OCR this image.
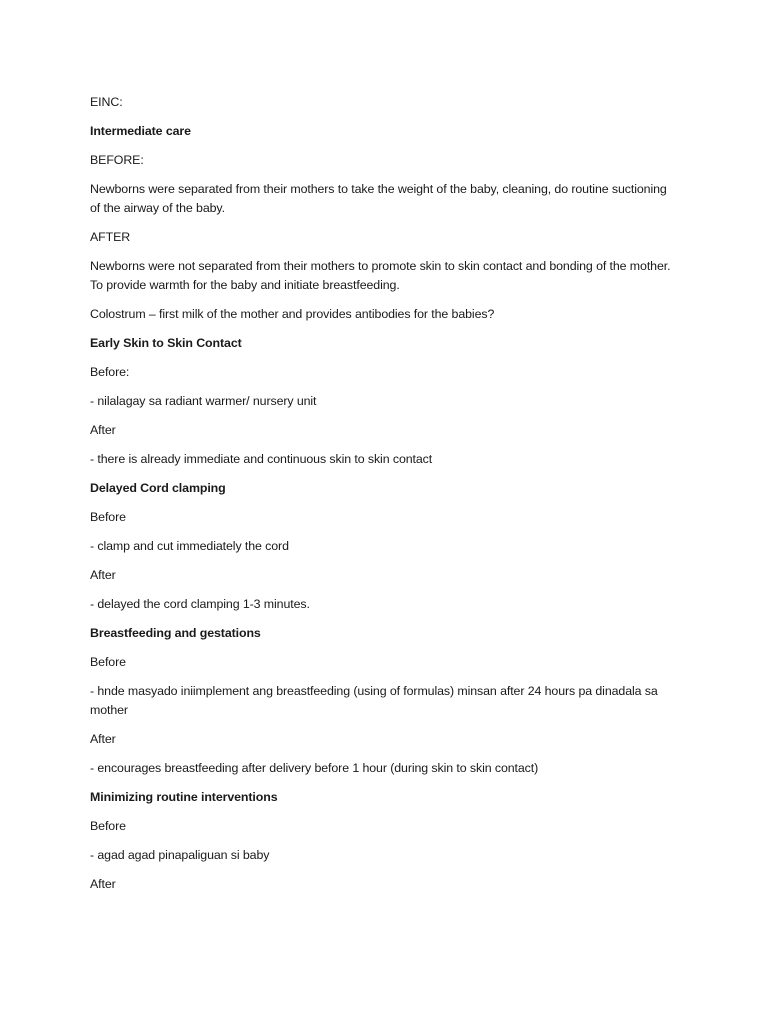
EINC:

Intermediate care

BEFORE:

Newborns were separated from their mothers to take the weight of the baby, cleaning, do routine suctioning of the airway of the baby.

AFTER

Newborns were not separated from their mothers to promote skin to skin contact and bonding of the mother. To provide warmth for the baby and initiate breastfeeding.

Colostrum – first milk of the mother and provides antibodies for the babies?

Early Skin to Skin Contact

Before:

- nilalagay sa radiant warmer/ nursery unit

After

- there is already immediate and continuous skin to skin contact

Delayed Cord clamping

Before

- clamp and cut immediately the cord

After

- delayed the cord clamping 1-3 minutes.

Breastfeeding and gestations

Before

- hnde masyado iniimplement ang breastfeeding (using of formulas) minsan after 24 hours pa dinadala sa mother

After

- encourages breastfeeding after delivery before 1 hour (during skin to skin contact)

Minimizing routine interventions

Before

- agad agad pinapaliguan si baby

After
